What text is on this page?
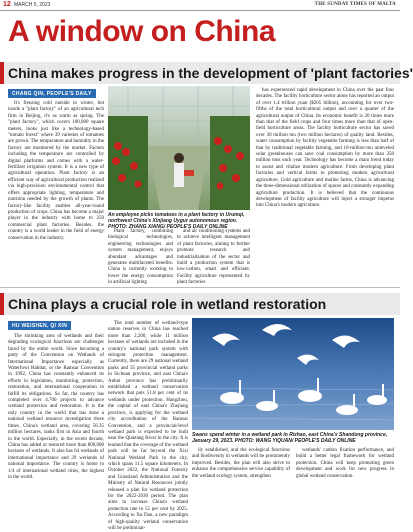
12 MARCH 5, 2023	THE SUNDAY TIMES OF MALTA
A window on China
China makes progress in the development of 'plant factories'
CHANG QIN, PEOPLE'S DAILY

It's freezing cold outside in winter, but inside a "plant factory" of an agricultural tech firm in Beijing, it's as warm as spring. The "plant factory", which covers 100,000 square meters, looks just like a technology-based "tomato forest" where 39 varieties of tomatoes are grown. The temperature and humidity in the factory are monitored by the market. Factors including the temperature are controlled by digital platforms and comes with a water-fertilizer irrigation system. It is a new type of agricultural operation. Plant factory is an efficient way of agricultural production realized via high-precision environmental control that offers appropriate lighting, temperature and nutrition needed by the growth of plants. The factory-like facility enables all-year-round production of crops. China has become a major player in the industry with home to 250 commercial plant factories. Besides, the country is a world leader in the field of energy conservation in the industry.

An employee picks tomatoes in a plant factory in Urumqi, northwest China's Xinjiang Uygur autonomous region. PHOTO: ZHANG XIANG/ PEOPLE'S DAILY ONLINE

Plant factory, combining biological technologies, engineering technologies and system management, enjoys abundant advantages and generates multifaceted benefits. China is currently working to lower the energy consumption in artificial lighting

and air conditioning systems and to achieve intelligent management of plant factories, aiming to further promote research and industrialization of the sector and build a production system that is low-carbon, smart and efficient. Facility agriculture represented by plant factories

has experienced rapid development in China over the past four decades. The facility horticulture sector alone has reported an output of over 1.4 trillion yuan ($205 billion), accounting for over two-fifths of the total horticultural output and over a quarter of the agricultural output of China. Its economic benefit is 20 times more than that of the field crops and four times more than that of open-field horticulture areas. The facility horticulture sector has saved over 30 million mu (two million hectares) of quality land. Besides, water consumption by facility vegetable farming is less than half of that by traditional vegetable farming, and 10-million-mu unleveled solar greenhouses can save coal consumption by more than 250 million tons each year. Technology has become a main trend today to assist and vitalize modern agriculture. From developing plant factories and vertical farms to promoting modern agricultural agriculture, Gold agriculture and marine farms, China is advancing the three-dimensional utilization of spaces and constantly expanding agriculture production. It is believed that the continuous development of facility agriculture will inject a stronger impetus into China's modern agriculture.

China plays a crucial role in wetland restoration
HU WEISHEN, QI XIN

The shrinking area of wetlands and their degrading ecological functions are challenges faced by the entire world. Since becoming a party of the Convention on Wetlands of International Importance especially as Waterfowl Habitat, or the Ramsar Convention in 1992, China has constantly enhanced its efforts in legislation, monitoring, protection, restoration, and international cooperation to fulfill its obligations. So far, the country has completed over 4,700 projects to advance wetland protection and restoration. It is the only country in the world that has done a national wetland resource investigation three times. China's wetland area, covering 56.35 million hectares, ranks first in Asia and fourth in the world. Especially, in the recent decade, China has added or restored more than 800,000 hectares of wetlands. It also has 64 wetlands of international importance and 29 wetlands of national importance. The country is home to 1/4 of international wetland cities, the highest in the world.

The total number of wetland-type nature reserves in China has reached more than 2,200, while 11 million hectares of wetlands are included in the country's national park system with stringent protection management. Currently, there are 29 national wetland parks and 35 provincial wetland parks in Sichuan province, and east China's Anhui province has preliminarily established a wetland conservation network that puts 51.8 per cent of its wetlands under protection. Hangzhou, the capital of east China's Zhejiang province, is applying for the wetland city accreditation of the Ramsar Convention, and a provincial-level wetland park is expected to be built near the Qiantang River in the city. It is learned that the coverage of the wetland park will be far beyond the Xixi National Wetland Park in the city, which spans 11.5 square kilometers. In October 2022, the National Forestry and Grassland Administration and the Ministry of Natural Resources jointly released a plan for wetland protection for the 2022-2030 period. The plan aims to increase China's wetland protection rate to 55 per cent by 2025. According to Xu Dan, a new paradigm of high-quality wetland conservation will be preliminar-

Swans spend winter in a wetland park in Rizhao, east China's Shandong province, January 29, 2023. PHOTO: WANG YIQUAN/ PEOPLE'S DAILY ONLINE

ily established, and the ecological functions and biodiversity in wetlands will be prominently improved. Besides, the plan will also strive to enhance the comprehensive service capability of the wetland ecology system, strengthen

wetlands' carbon fixation performance, and build a better legal framework for wetland protection. China will keep promoting green development and work for new progress in global wetland conservation.
